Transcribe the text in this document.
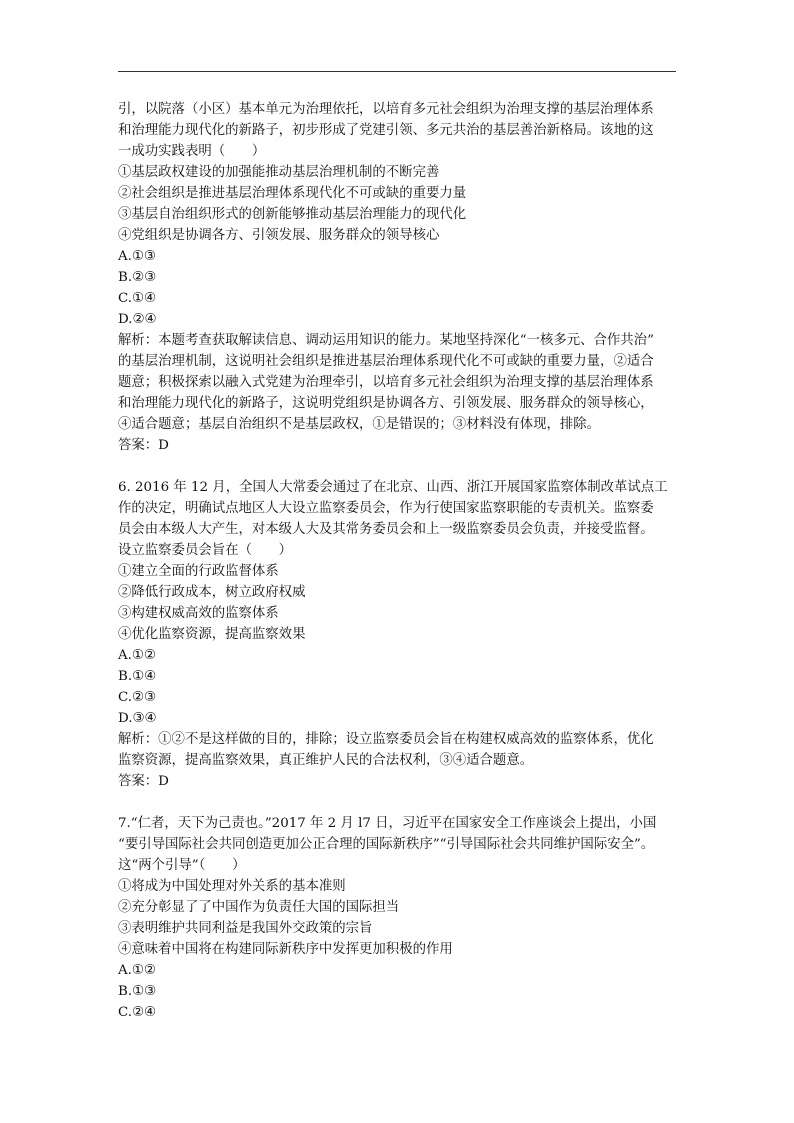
引，以院落（小区）基本单元为治理依托，以培育多元社会组织为治理支撑的基层治理体系
和治理能力现代化的新路子，初步形成了党建引领、多元共治的基层善治新格局。该地的这
一成功实践表明（　　）
①基层政权建设的加强能推动基层治理机制的不断完善
②社会组织是推进基层治理体系现代化不可或缺的重要力量
③基层自治组织形式的创新能够推动基层治理能力的现代化
④党组织是协调各方、引领发展、服务群众的领导核心
A.①③
B.②③
C.①④
D.②④
解析：本题考查获取解读信息、调动运用知识的能力。某地坚持深化“一核多元、合作共治”
的基层治理机制，这说明社会组织是推进基层治理体系现代化不可或缺的重要力量，②适合
题意；积极探索以融入式党建为治理牵引，以培育多元社会组织为治理支撑的基层治理体系
和治理能力现代化的新路子，这说明党组织是协调各方、引领发展、服务群众的领导核心，
④适合题意；基层自治组织不是基层政权，①是错误的；③材料没有体现，排除。
答案：D
6. 2016 年 12 月，全国人大常委会通过了在北京、山西、浙江开展国家监察体制改革试点工
作的决定，明确试点地区人大设立监察委员会，作为行使国家监察职能的专责机关。监察委
员会由本级人大产生，对本级人大及其常务委员会和上一级监察委员会负责，并接受监督。
设立监察委员会旨在（　　）
①建立全面的行政监督体系
②降低行政成本，树立政府权威
③构建权威高效的监察体系
④优化监察资源，提高监察效果
A.①②
B.①④
C.②③
D.③④
解析：①②不是这样做的目的，排除；设立监察委员会旨在构建权威高效的监察体系，优化
监察资源，提高监察效果，真正维护人民的合法权利，③④适合题意。
答案：D
7.“仁者，天下为己责也。”2017 年 2 月 l7 日，习近平在国家安全工作座谈会上提出，小国
“要引导国际社会共同创造更加公正合理的国际新秩序”“引导国际社会共同维护国际安全”。
这“两个引导”（　　）
①将成为中国处理对外关系的基本准则
②充分彰显了了中国作为负责任大国的国际担当
③表明维护共同利益是我国外交政策的宗旨
④意味着中国将在构建同际新秩序中发挥更加积极的作用
A.①②
B.①③
C.②④
